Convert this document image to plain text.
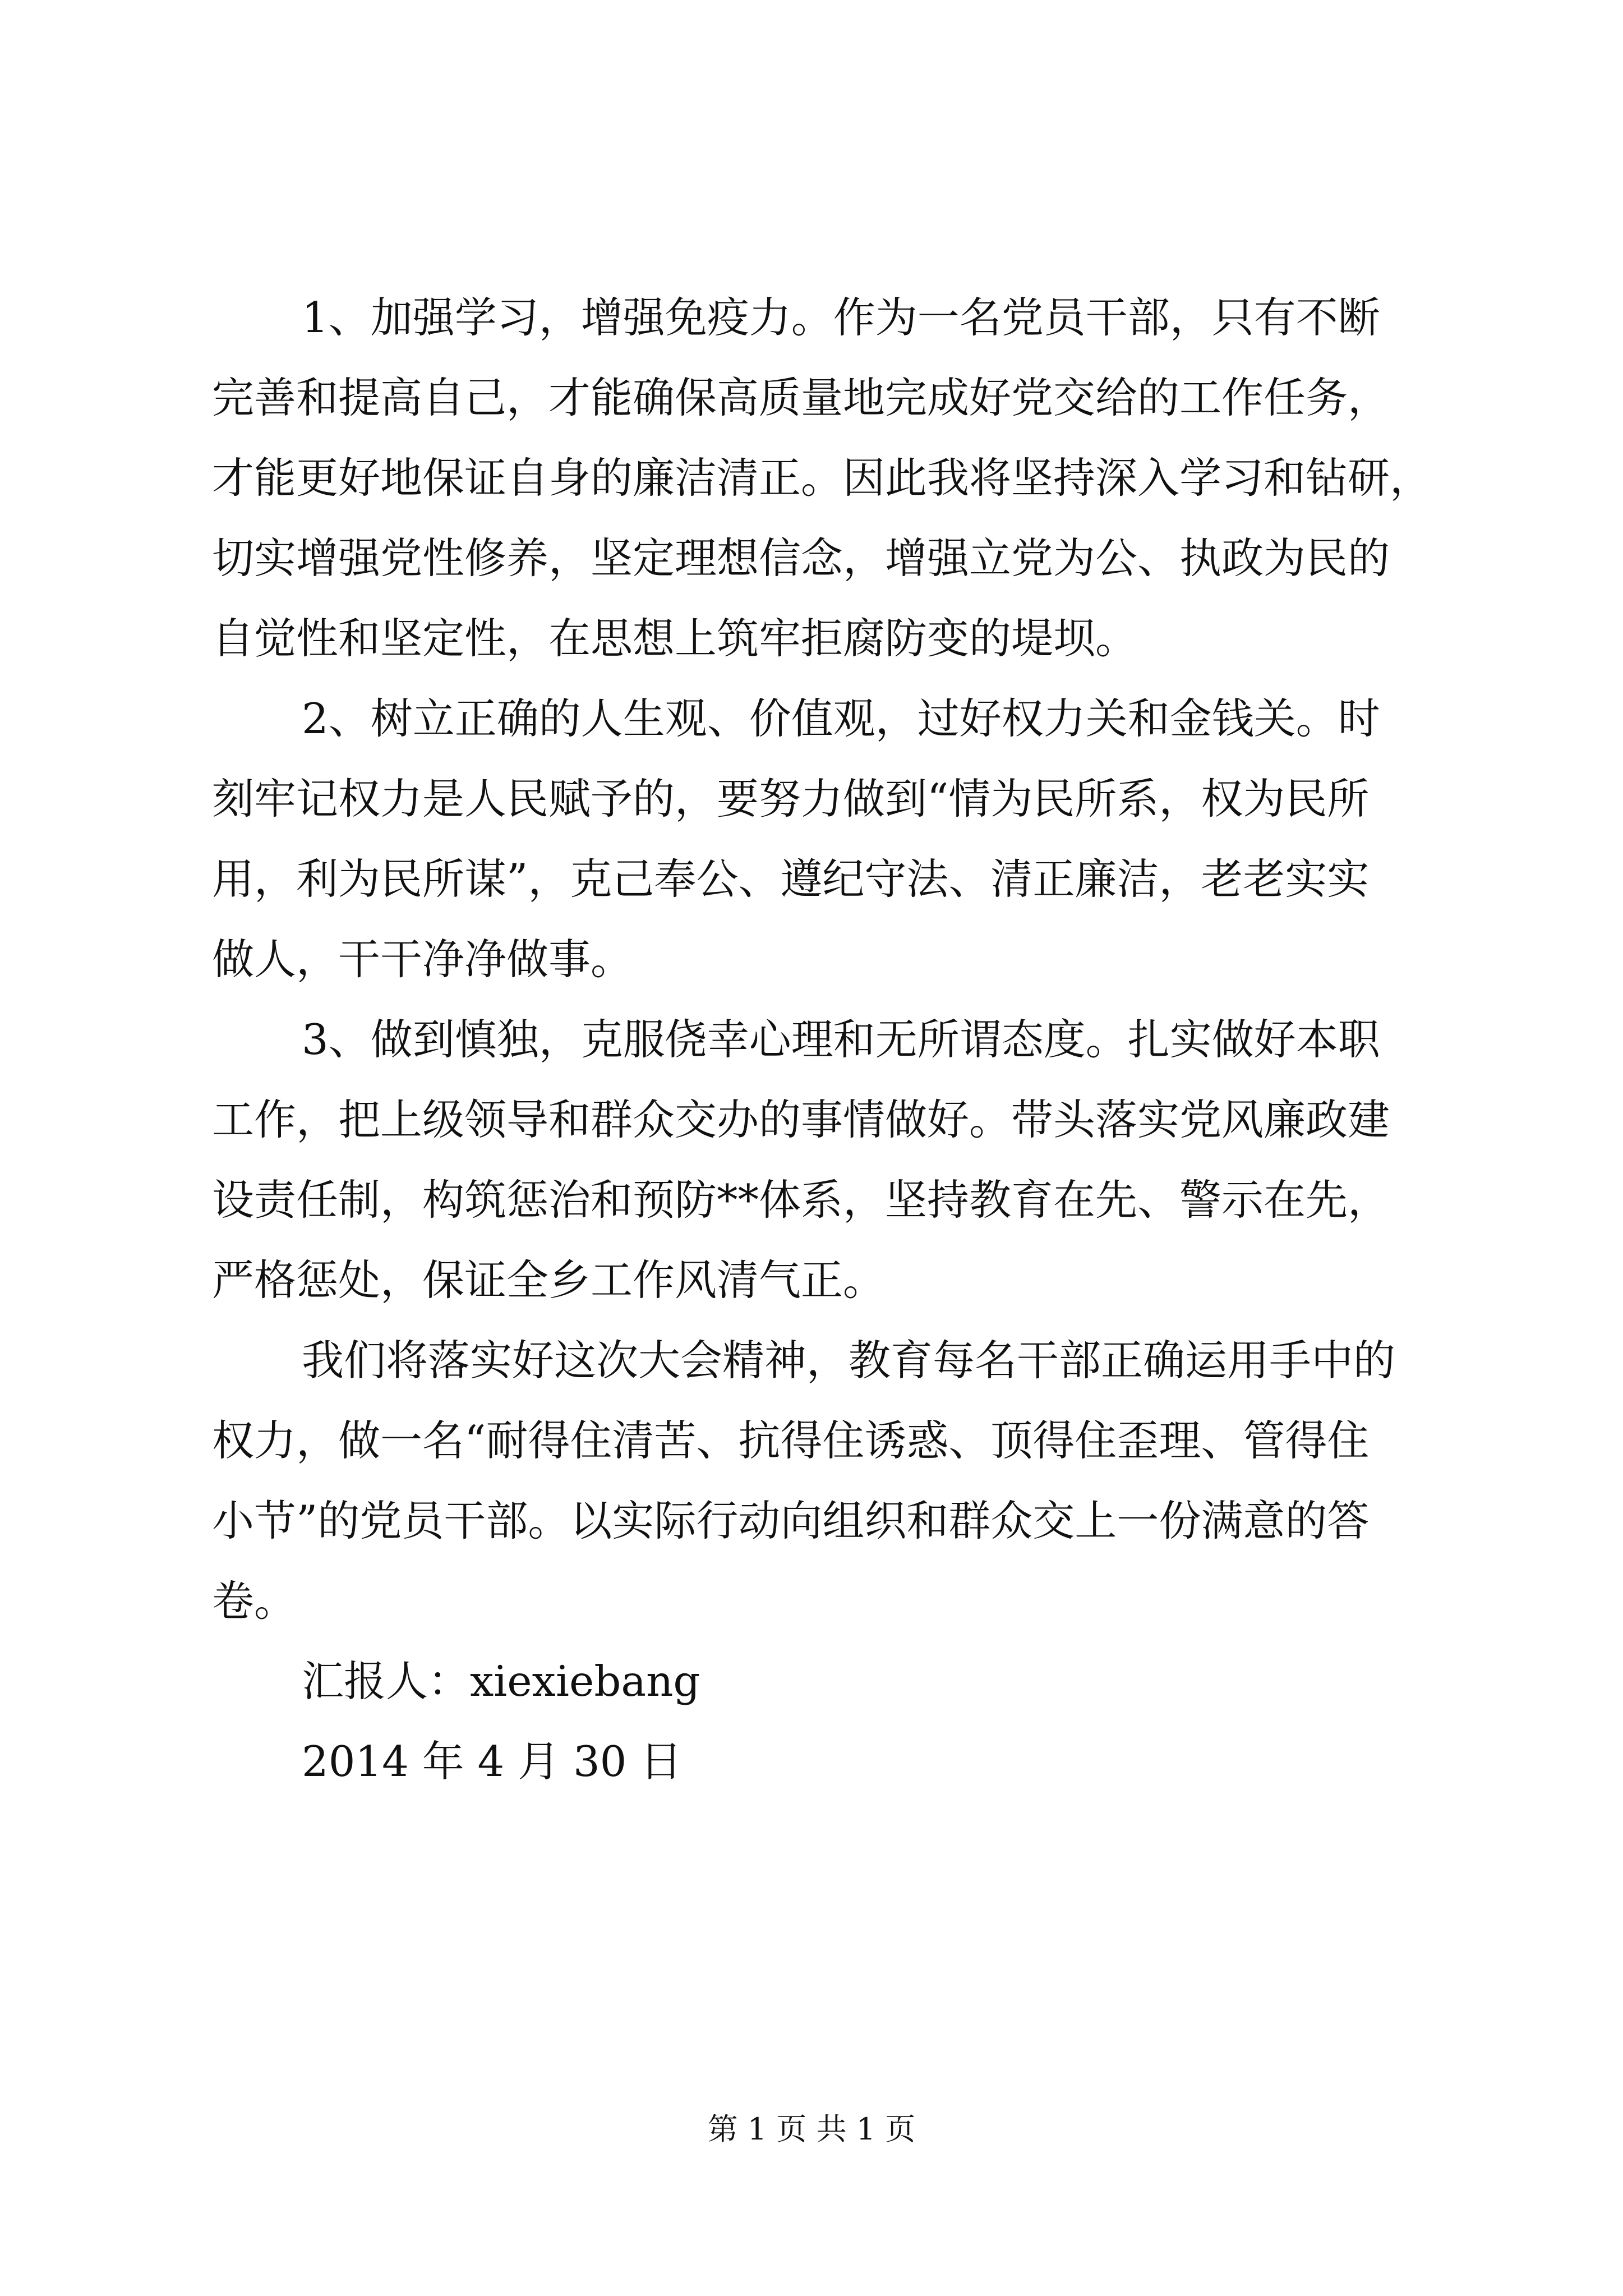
1、加强学习，增强免疫力。作为一名党员干部，只有不断
完善和提高自己，才能确保高质量地完成好党交给的工作任务，
才能更好地保证自身的廉洁清正。因此我将坚持深入学习和钻研，
切实增强党性修养，坚定理想信念，增强立党为公、执政为民的
自觉性和坚定性，在思想上筑牢拒腐防变的堤坝。
2、树立正确的人生观、价值观，过好权力关和金钱关。时
刻牢记权力是人民赋予的，要努力做到“情为民所系，权为民所
用，利为民所谋”，克己奉公、遵纪守法、清正廉洁，老老实实
做人，干干净净做事。
3、做到慎独，克服侥幸心理和无所谓态度。扎实做好本职
工作，把上级领导和群众交办的事情做好。带头落实党风廉政建
设责任制，构筑惩治和预防**体系，坚持教育在先、警示在先，
严格惩处，保证全乡工作风清气正。
我们将落实好这次大会精神，教育每名干部正确运用手中的
权力，做一名“耐得住清苦、抗得住诱惑、顶得住歪理、管得住
小节”的党员干部。以实际行动向组织和群众交上一份满意的答
卷。
汇报人：xiexiebang
2014 年 4 月 30 日
第 1 页 共 1 页
